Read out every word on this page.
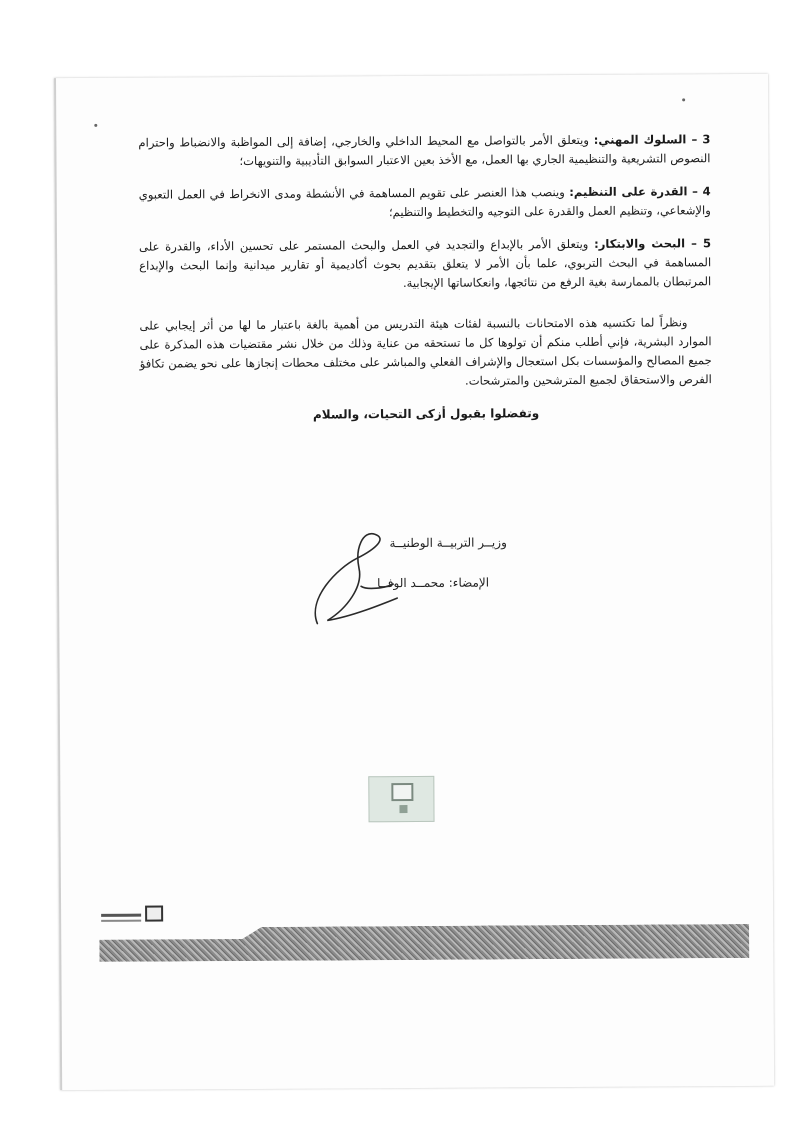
3 – السلوك المهني: ويتعلق الأمر بالتواصل مع المحيط الداخلي والخارجي، إضافة إلى المواظبة والانضباط واحترام النصوص التشريعية والتنظيمية الجاري بها العمل، مع الأخذ بعين الاعتبار السوابق التأديبية والتنويهات؛

4 – القدرة على التنظيم: وينصب هذا العنصر على تقويم المساهمة في الأنشطة ومدى الانخراط في العمل التعبوي والإشعاعي، وتنظيم العمل والقدرة على التوجيه والتخطيط والتنظيم؛

5 – البحث والابتكار: ويتعلق الأمر بالإبداع والتجديد في العمل والبحث المستمر على تحسين الأداء، والقدرة على المساهمة في البحث التربوي، علما بأن الأمر لا يتعلق بتقديم بحوث أكاديمية أو تقارير ميدانية وإنما البحث والإبداع المرتبطان بالممارسة بغية الرفع من نتائجها، وانعكاساتها الإيجابية.

ونظراً لما تكتسيه هذه الامتحانات بالنسبة لفئات هيئة التدريس من أهمية بالغة باعتبار ما لها من أثر إيجابي على الموارد البشرية، فإني أطلب منكم أن تولوها كل ما تستحقه من عناية وذلك من خلال نشر مقتضيات هذه المذكرة على جميع المصالح والمؤسسات بكل استعجال والإشراف الفعلي والمباشر على مختلف محطات إنجازها على نحو يضمن تكافؤ الفرص والاستحقاق لجميع المترشحين والمترشحات.

وتفضلوا بقبول أزكى التحيات، والسلام
وزيــر التربيــة الوطنيــة
الإمضاء: محمــد الوفــا
